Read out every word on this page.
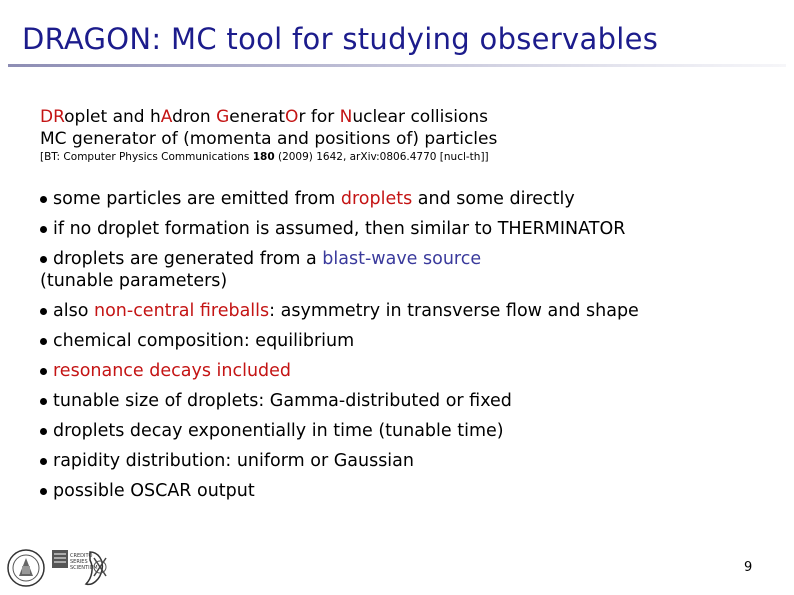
DRAGON: MC tool for studying observables
DRoplet and hAdron GeneratOr for Nuclear collisions
MC generator of (momenta and positions of) particles
[BT: Computer Physics Communications 180 (2009) 1642, arXiv:0806.4770 [nucl-th]]
some particles are emitted from droplets and some directly
if no droplet formation is assumed, then similar to THERMINATOR
droplets are generated from a blast-wave source
(tunable parameters)
also non-central fireballs: asymmetry in transverse flow and shape
chemical composition: equilibrium
resonance decays included
tunable size of droplets: Gamma-distributed or fixed
droplets decay exponentially in time (tunable time)
rapidity distribution: uniform or Gaussian
possible OSCAR output
CREDITO
SERIES
SCIENTIUM	9
